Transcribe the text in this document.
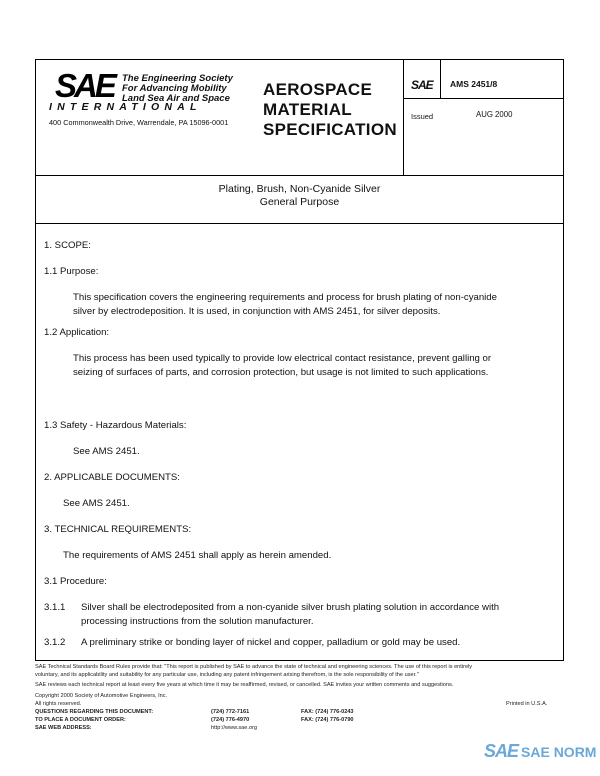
SAE The Engineering Society
For Advancing Mobility
Land Sea Air and Space
INTERNATIONAL
400 Commonwealth Drive, Warrendale, PA 15096-0001
AEROSPACE
MATERIAL
SPECIFICATION
SAE AMS 2451/8
Issued	AUG 2000
Plating, Brush, Non-Cyanide Silver
General Purpose
1. SCOPE:
1.1 Purpose:
This specification covers the engineering requirements and process for brush plating of non-cyanide
silver by electrodeposition. It is used, in conjunction with AMS 2451, for silver deposits.
1.2 Application:
This process has been used typically to provide low electrical contact resistance, prevent galling or
seizing of surfaces of parts, and corrosion protection, but usage is not limited to such applications.
1.3 Safety - Hazardous Materials:
See AMS 2451.
2. APPLICABLE DOCUMENTS:
See AMS 2451.
3. TECHNICAL REQUIREMENTS:
The requirements of AMS 2451 shall apply as herein amended.
3.1 Procedure:
3.1.1 Silver shall be electrodeposited from a non-cyanide silver brush plating solution in accordance with
processing instructions from the solution manufacturer.
3.1.2 A preliminary strike or bonding layer of nickel and copper, palladium or gold may be used.
SAE Technical Standards Board Rules provide that: "This report is published by SAE to advance the state of technical and engineering sciences. The use of this report is entirely
voluntary, and its applicability and suitability for any particular use, including any patent infringement arising therefrom, is the sole responsibility of the user."
SAE reviews each technical report at least every five years at which time it may be reaffirmed, revised, or cancelled. SAE invites your written comments and suggestions.
Copyright 2000 Society of Automotive Engineers, Inc.
All rights reserved.	Printed in U.S.A.
QUESTIONS REGARDING THIS DOCUMENT:	(724) 772-7161	FAX: (724) 776-0243
TO PLACE A DOCUMENT ORDER:	(724) 776-4970	FAX: (724) 776-0790
SAE WEB ADDRESS:	http://www.sae.org
SAE SAE NORM
